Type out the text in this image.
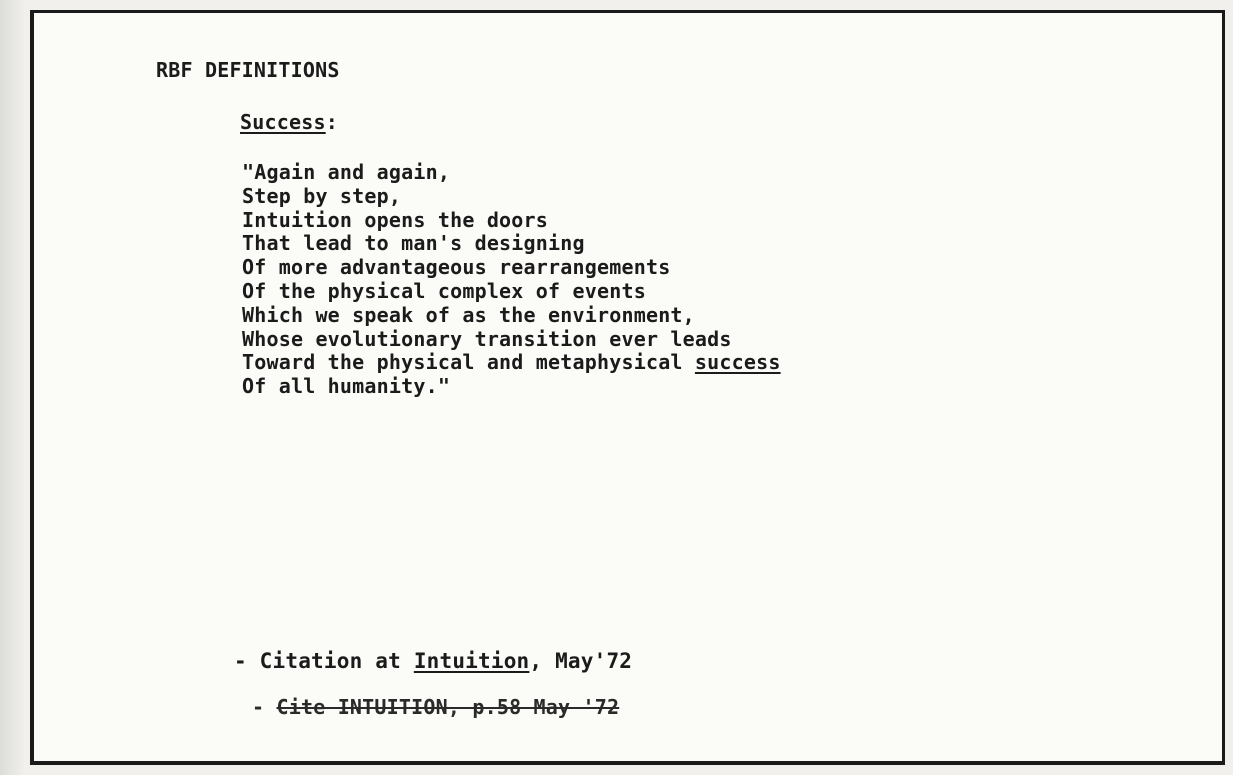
RBF DEFINITIONS
Success:
"Again and again,
Step by step,
Intuition opens the doors
That lead to man's designing
Of more advantageous rearrangements
Of the physical complex of events
Which we speak of as the environment,
Whose evolutionary transition ever leads
Toward the physical and metaphysical success
Of all humanity."
- Citation at Intuition, May'72
- Cite INTUITION, p.58 May '72
